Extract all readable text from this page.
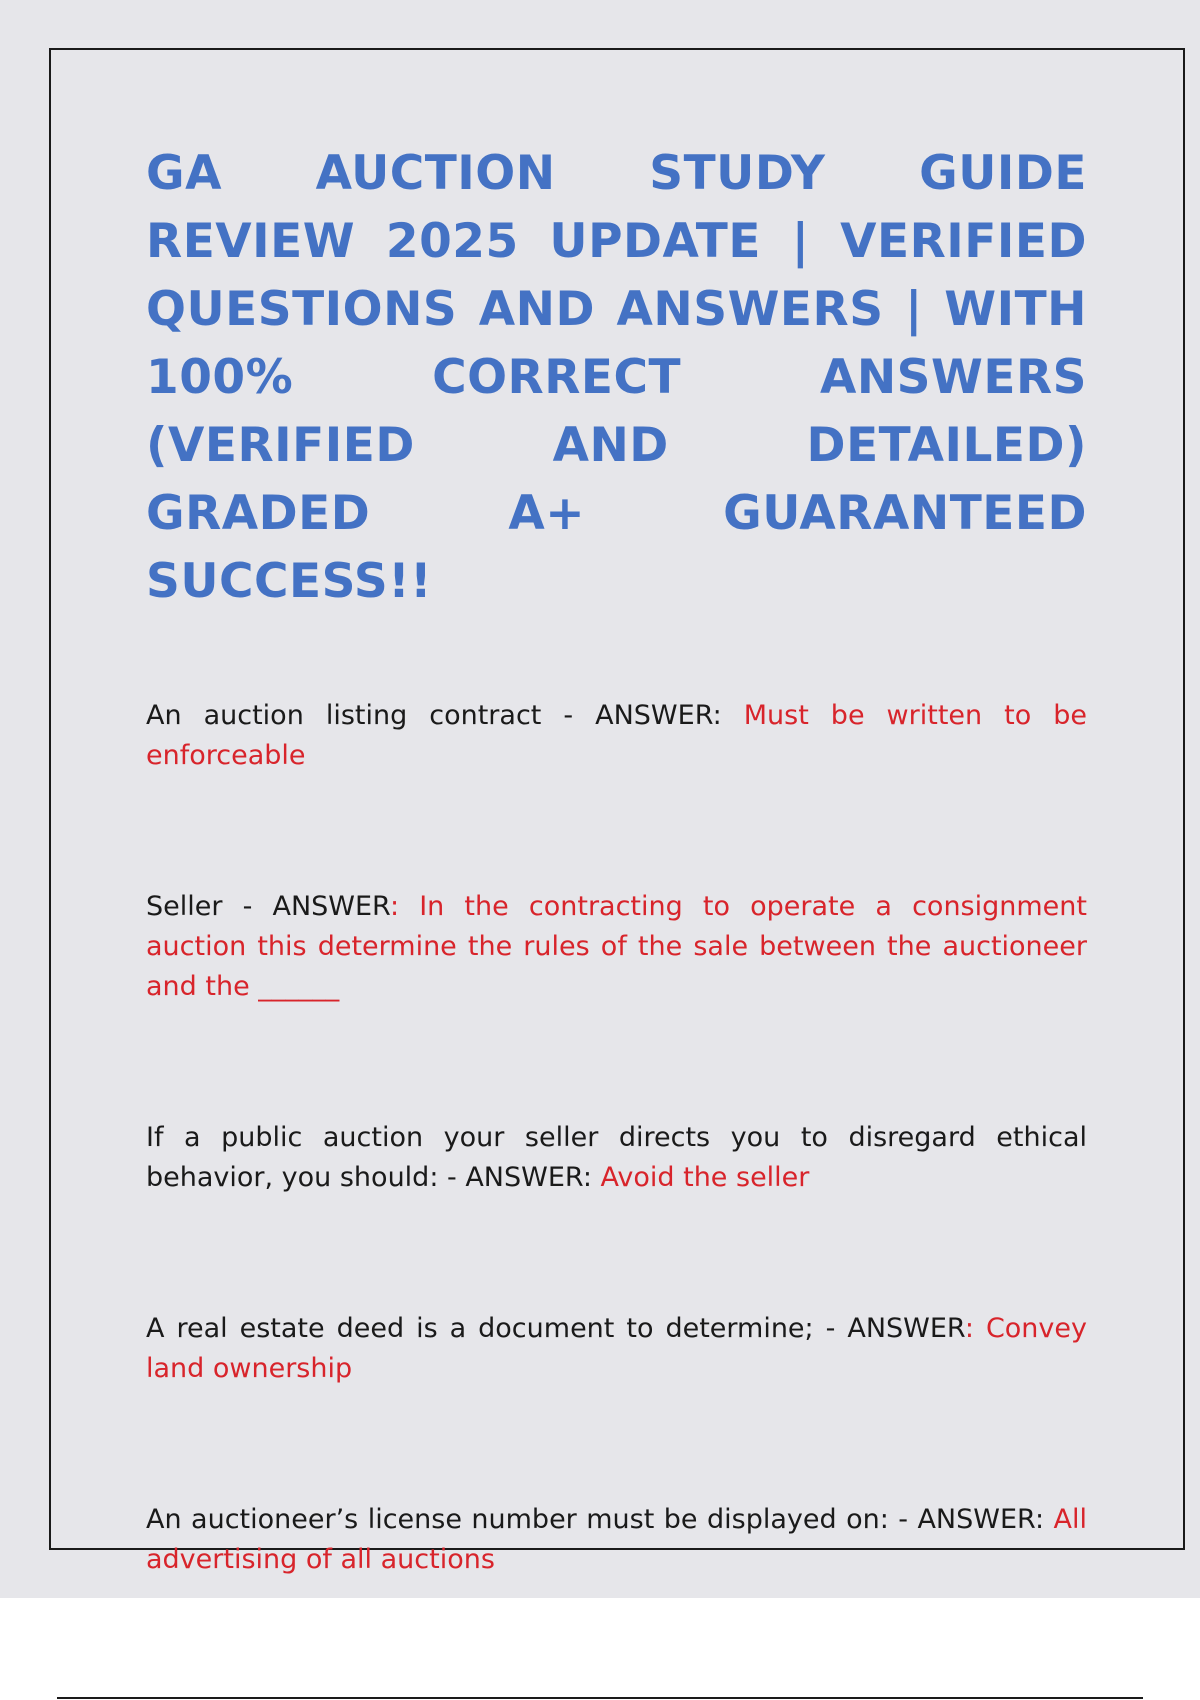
GA AUCTION STUDY GUIDE REVIEW 2025 UPDATE | VERIFIED QUESTIONS AND ANSWERS | WITH 100% CORRECT ANSWERS (VERIFIED AND DETAILED) GRADED A+ GUARANTEED SUCCESS!!

An auction listing contract - ANSWER: Must be written to be enforceable

Seller - ANSWER: In the contracting to operate a consignment auction this determine the rules of the sale between the auctioneer and the ______

If a public auction your seller directs you to disregard ethical behavior, you should: - ANSWER: Avoid the seller

A real estate deed is a document to determine; - ANSWER: Convey land ownership

An auctioneer’s license number must be displayed on: - ANSWER: All advertising of all auctions
